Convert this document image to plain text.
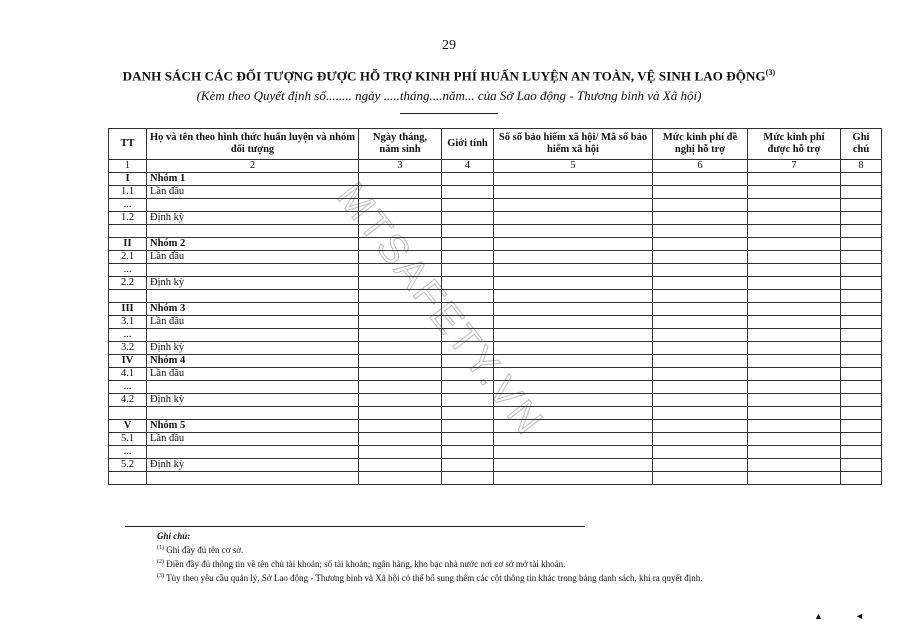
29
DANH SÁCH CÁC ĐỐI TƯỢNG ĐƯỢC HỖ TRỢ KINH PHÍ HUẤN LUYỆN AN TOÀN, VỆ SINH LAO ĐỘNG$^{(3)}$
(Kèm theo Quyết định số........ ngày .....tháng....năm... của Sở Lao động - Thương binh và Xã hội)
MTSAFETY.VN
TT	Họ và tên theo hình thức huấn luyện và nhóm đối tượng	Ngày tháng, năm sinh	Giới tính	Số sổ bảo hiểm xã hội/ Mã số bảo hiểm xã hội	Mức kinh phí đề nghị hỗ trợ	Mức kinh phí được hỗ trợ	Ghi chú
1	2	3	4	5	6	7	8
I	Nhóm 1						
1.1	Lần đầu						
...							
1.2	Định kỳ						

II	Nhóm 2						
2.1	Lần đầu						
...							
2.2	Định kỳ						

III	Nhóm 3						
3.1	Lần đầu						
...							
3.2	Định kỳ						
IV	Nhóm 4						
4.1	Lần đầu						
...							
4.2	Định kỳ						

V	Nhóm 5						
5.1	Lần đầu						
...							
5.2	Định kỳ						

Ghi chú:
$^{(1)}$ Ghi đầy đủ tên cơ sở.
$^{(2)}$ Điền đầy đủ thông tin về tên chủ tài khoản; số tài khoản; ngân hàng, kho bạc nhà nước nơi cơ sở mở tài khoản.
$^{(3)}$ Tùy theo yêu cầu quản lý, Sở Lao động - Thương binh và Xã hội có thể bổ sung thêm các cột thông tin khác trong bảng danh sách, khi ra quyết định.
▲	◄
